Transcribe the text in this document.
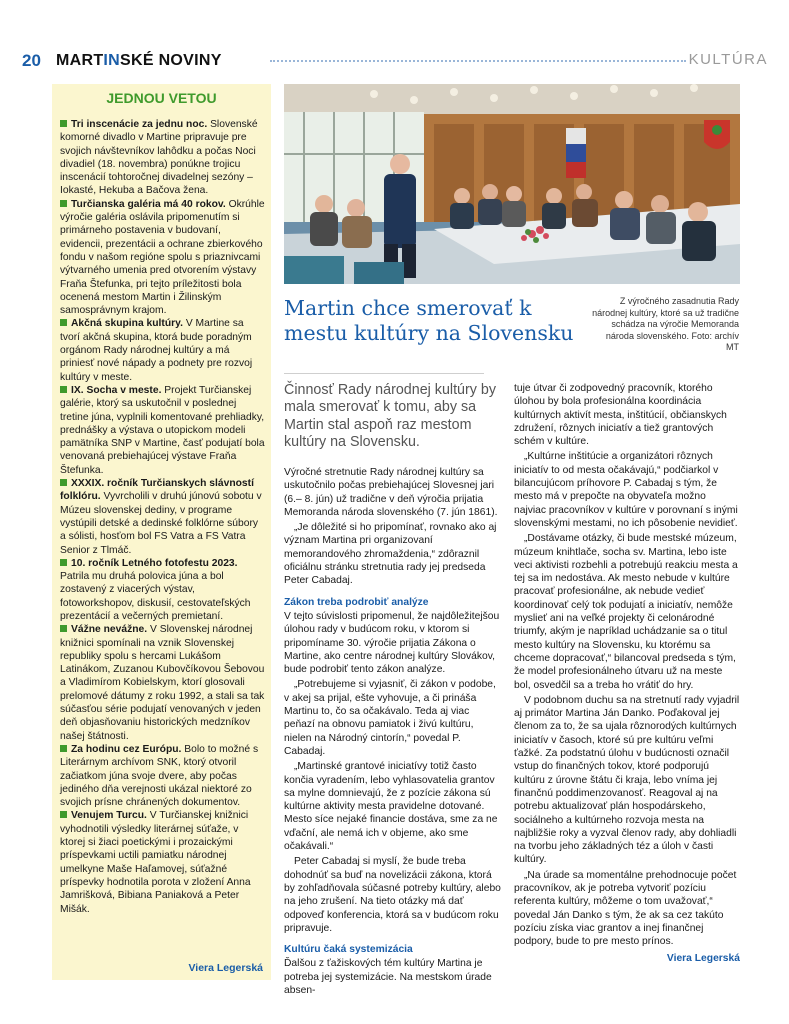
20 MARTINSKÉ NOVINY	KULTÚRA
JEDNOU VETOU
Tri inscenácie za jednu noc. Slovenské komorné divadlo v Martine pripravuje pre svojich návštevníkov lahôdku a počas Noci divadiel (18. novembra) ponúkne trojicu inscenácií tohtoročnej divadelnej sezóny – Iokasté, Hekuba a Bačova žena.
Turčianska galéria má 40 rokov. Okrúhle výročie galéria oslávila pripomenutím si primárneho postavenia v budovaní, evidencii, prezentácii a ochrane zbierkového fondu v našom regióne spolu s priaznivcami výtvarného umenia pred otvorením výstavy Fraňa Štefunka, pri tejto príležitosti bola ocenená mestom Martin i Žilinským samosprávnym krajom.
Akčná skupina kultúry. V Martine sa tvorí akčná skupina, ktorá bude poradným orgánom Rady národnej kultúry a má priniesť nové nápady a podnety pre rozvoj kultúry v meste.
IX. Socha v meste. Projekt Turčianskej galérie, ktorý sa uskutočnil v poslednej tretine júna, vyplnili komentované prehliadky, prednášky a výstava o utopickom modeli pamätníka SNP v Martine, časť podujatí bola venovaná prebiehajúcej výstave Fraňa Štefunka.
XXXIX. ročník Turčianskych slávností folklóru. Vyvrcholili v druhú júnovú sobotu v Múzeu slovenskej dediny, v programe vystúpili detské a dedinské folklórne súbory a sólisti, hosťom bol FS Vatra a FS Vatra Senior z Tlmáč.
10. ročník Letného fotofestu 2023. Patrila mu druhá polovica júna a bol zostavený z viacerých výstav, fotoworkshopov, diskusií, cestovateľských prezentácií a večerných premietaní.
Vážne nevážne. V Slovenskej národnej knižnici spomínali na vznik Slovenskej republiky spolu s hercami Lukášom Latinákom, Zuzanou Kubovčíkovou Šebovou a Vladimírom Kobielskym, ktorí glosovali prelomové dátumy z roku 1992, a stali sa tak súčasťou série podujatí venovaných v jeden deň objasňovaniu historických medzníkov našej štátnosti.
Za hodinu cez Európu. Bolo to možné s Literárnym archívom SNK, ktorý otvoril začiatkom júna svoje dvere, aby počas jediného dňa verejnosti ukázal niektoré zo svojich prísne chránených dokumentov.
Venujem Turcu. V Turčianskej knižnici vyhodnotili výsledky literárnej súťaže, v ktorej si žiaci poetickými i prozaickými príspevkami uctili pamiatku národnej umelkyne Maše Haľamovej, súťažné príspevky hodnotila porota v zložení Anna Jamrišková, Bibiana Paniaková a Peter Mišák.
Viera Legerská
Martin chce smerovať k mestu kultúry na Slovensku
Z výročného zasadnutia Rady národnej kultúry, ktoré sa už tradične schádza na výročie Memoranda národa slovenského. Foto: archív MT
Činnosť Rady národnej kultúry by mala smerovať k tomu, aby sa Martin stal aspoň raz mestom kultúry na Slovensku.

Výročné stretnutie Rady národnej kultúry sa uskutočnilo počas prebiehajúcej Slovesnej jari (6.– 8. jún) už tradične v deň výročia prijatia Memoranda národa slovenského (7. jún 1861).

„Je dôležité si ho pripomínať, rovnako ako aj význam Martina pri organizovaní memorandového zhromaždenia,“ zdôraznil oficiálnu stránku stretnutia rady jej predseda Peter Cabadaj.

Zákon treba podrobiť analýze

V tejto súvislosti pripomenul, že najdôležitejšou úlohou rady v budúcom roku, v ktorom si pripomíname 30. výročie prijatia Zákona o Martine, ako centre národnej kultúry Slovákov, bude podrobiť tento zákon analýze.

„Potrebujeme si vyjasniť, či zákon v podobe, v akej sa prijal, ešte vyhovuje, a či prináša Martinu to, čo sa očakávalo. Teda aj viac peňazí na obnovu pamiatok i živú kultúru, nielen na Národný cintorín,“ povedal P. Cabadaj.

„Martinské grantové iniciatívy totiž často končia vyradením, lebo vyhlasovatelia grantov sa mylne domnievajú, že z pozície zákona sú kultúrne aktivity mesta pravidelne dotované. Mesto síce nejaké financie dostáva, sme za ne vďační, ale nemá ich v objeme, ako sme očakávali.“

Peter Cabadaj si myslí, že bude treba dohodnúť sa buď na novelizácii zákona, ktorá by zohľadňovala súčasné potreby kultúry, alebo na jeho zrušení. Na tieto otázky má dať odpoveď konferencia, ktorá sa v budúcom roku pripravuje.

Kultúru čaká systemizácia

Ďalšou z ťažiskových tém kultúry Martina je potreba jej systemizácie. Na mestskom úrade absen-

tuje útvar či zodpovedný pracovník, ktorého úlohou by bola profesionálna koordinácia kultúrnych aktivít mesta, inštitúcií, občianskych združení, rôznych iniciatív a tiež grantových schém v kultúre.

„Kultúrne inštitúcie a organizátori rôznych iniciatív to od mesta očakávajú,“ podčiarkol v bilancujúcom príhovore P. Cabadaj s tým, že mesto má v prepočte na obyvateľa možno najviac pracovníkov v kultúre v porovnaní s inými slovenskými mestami, no ich pôsobenie nevidieť.

„Dostávame otázky, či bude mestské múzeum, múzeum knihtlače, socha sv. Martina, lebo iste veci aktivisti rozbehli a potrebujú reakciu mesta a tej sa im nedostáva. Ak mesto nebude v kultúre pracovať profesionálne, ak nebude vedieť koordinovať celý tok podujatí a iniciatív, nemôže myslieť ani na veľké projekty či celonárodné triumfy, akým je napríklad uchádzanie sa o titul mesto kultúry na Slovensku, ku ktorému sa chceme dopracovať,“ bilancoval predseda s tým, že model profesionálneho útvaru už na meste bol, osvedčil sa a treba ho vrátiť do hry.

V podobnom duchu sa na stretnutí rady vyjadril aj primátor Martina Ján Danko. Poďakoval jej členom za to, že sa ujala rôznorodých kultúrnych iniciatív v časoch, ktoré sú pre kultúru veľmi ťažké. Za podstatnú úlohu v budúcnosti označil vstup do finančných tokov, ktoré podporujú kultúru z úrovne štátu či kraja, lebo vníma jej finančnú poddimenzovanosť. Reagoval aj na potrebu aktualizovať plán hospodárskeho, sociálneho a kultúrneho rozvoja mesta na najbližšie roky a vyzval členov rady, aby dohliadli na tvorbu jeho základných téz a úloh v časti kultúry.

„Na úrade sa momentálne prehodnocuje počet pracovníkov, ak je potreba vytvoriť pozíciu referenta kultúry, môžeme o tom uvažovať,“ povedal Ján Danko s tým, že ak sa cez takúto pozíciu získa viac grantov a inej finančnej podpory, bude to pre mesto prínos.

Viera Legerská
